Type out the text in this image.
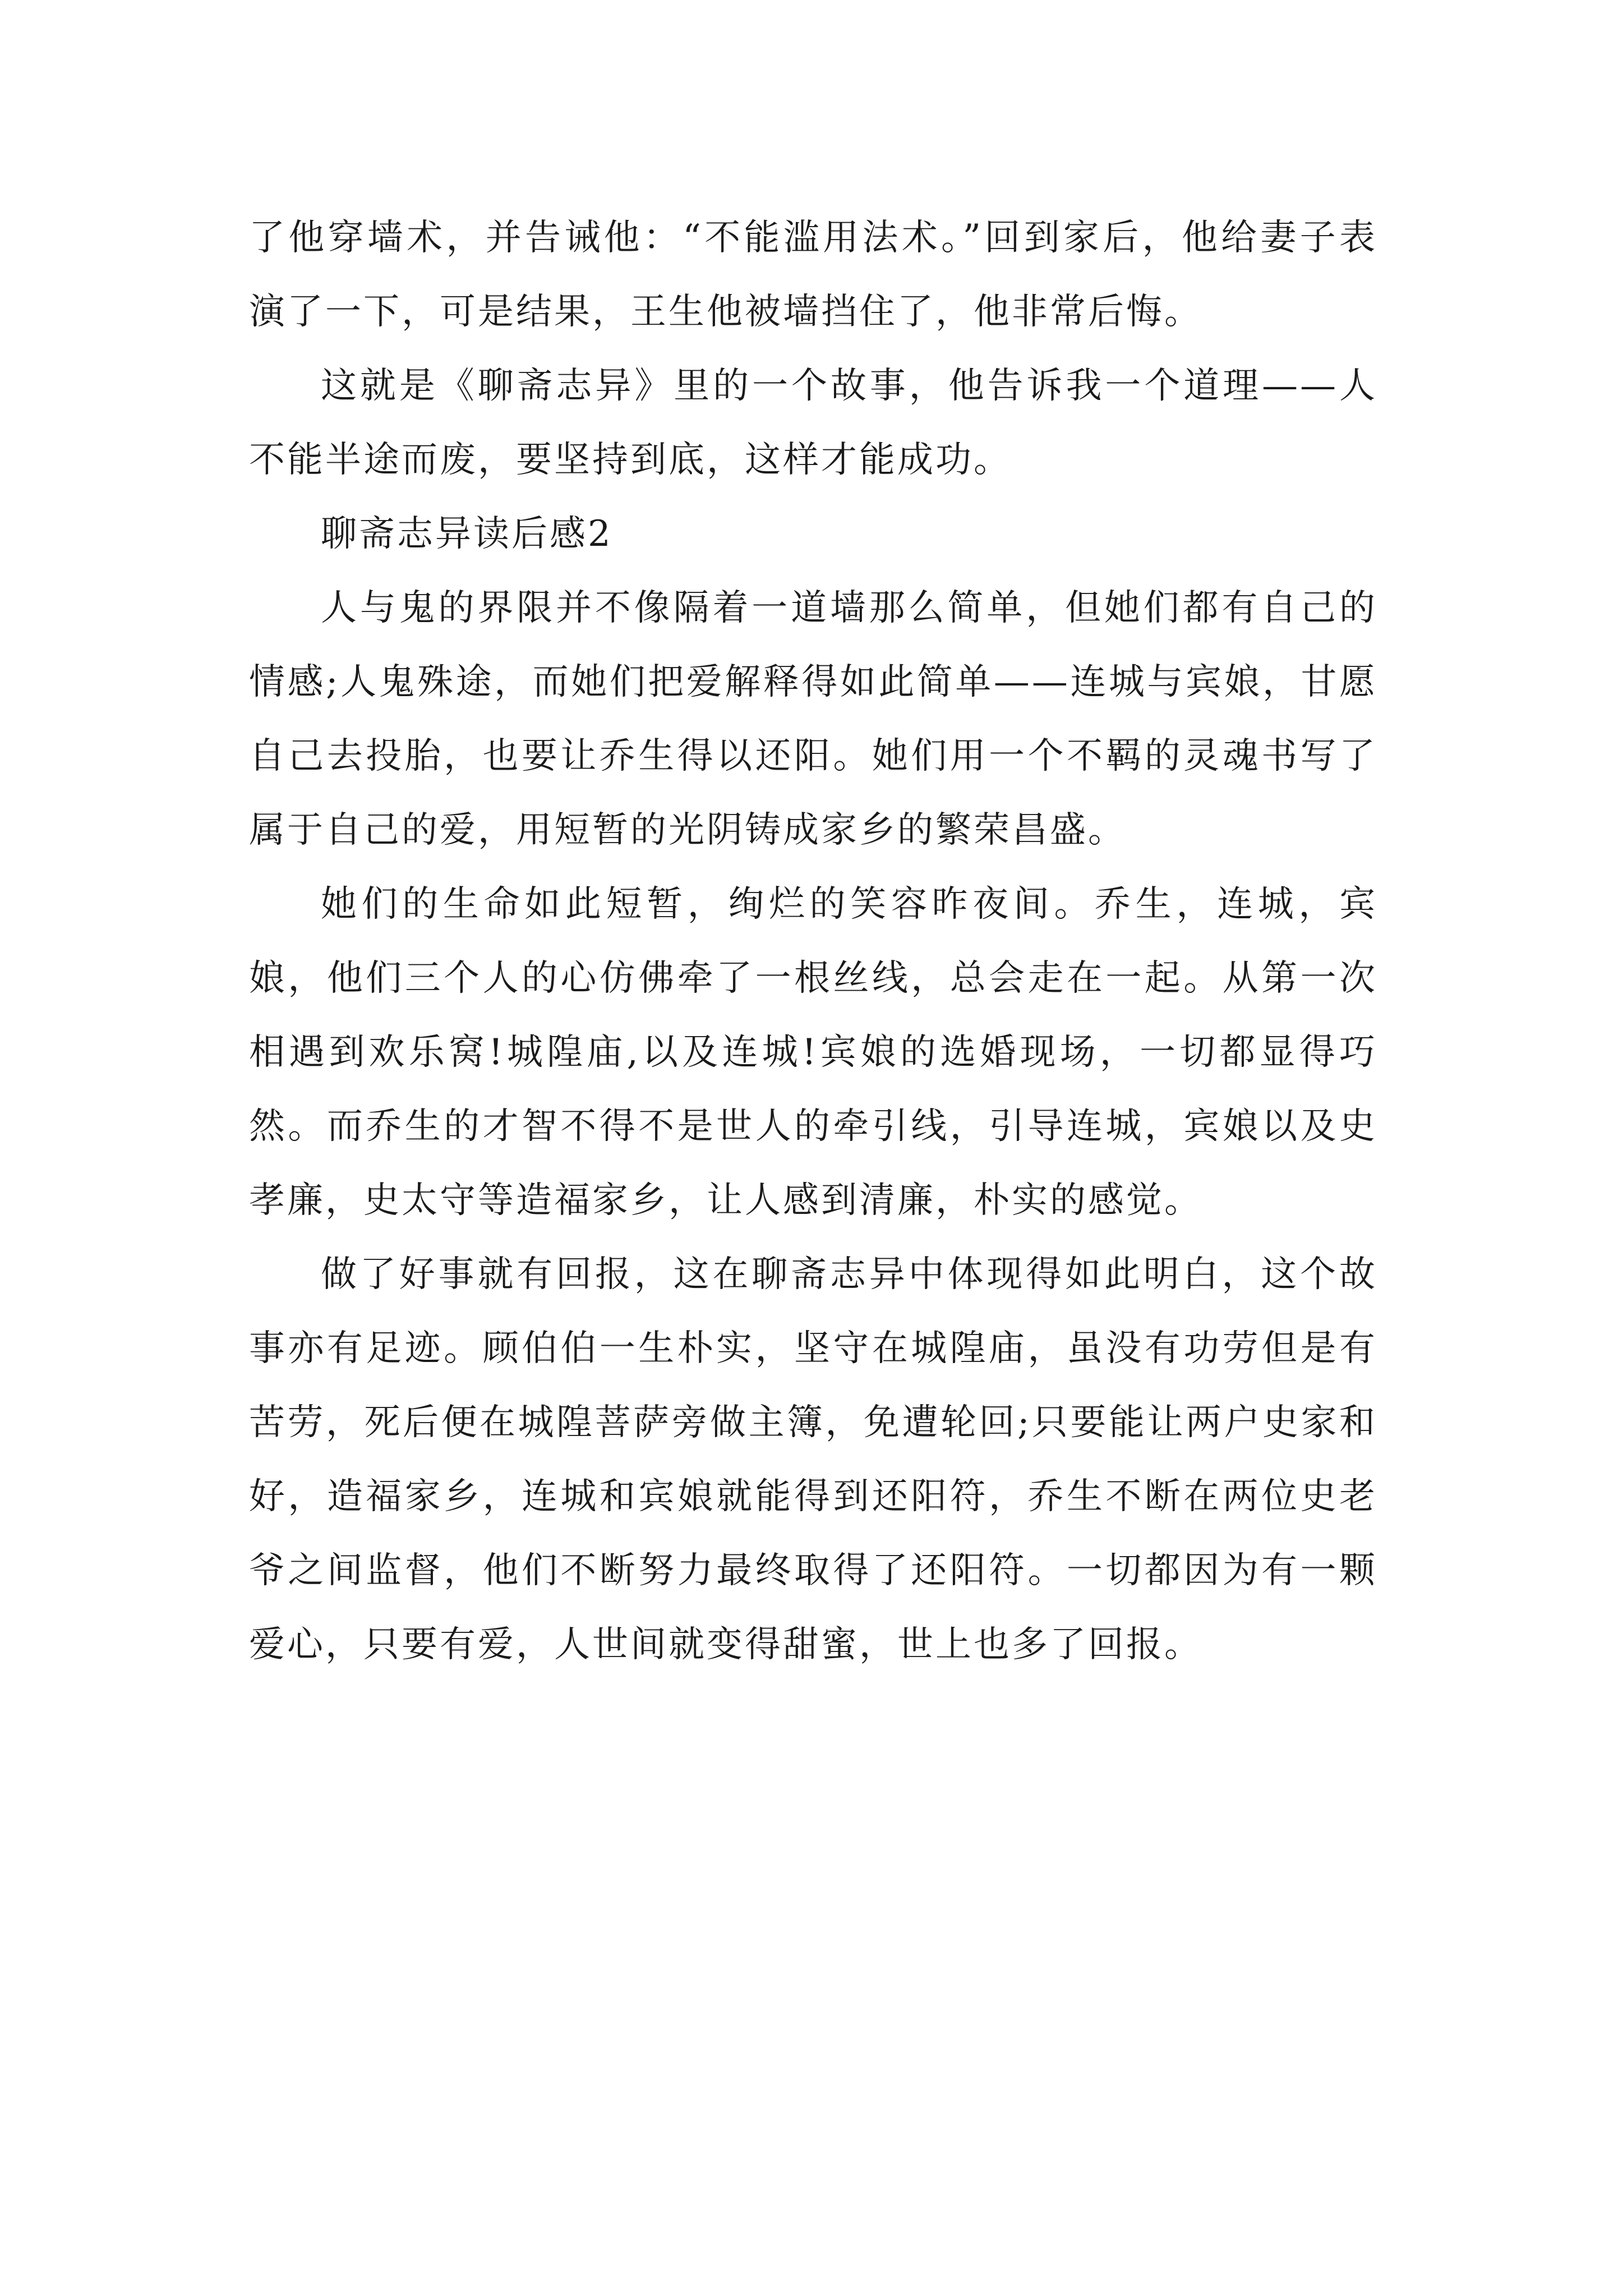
了他穿墙术，并告诫他：“不能滥用法术。”回到家后，他给妻子表演了一下，可是结果，王生他被墙挡住了，他非常后悔。

这就是《聊斋志异》里的一个故事，他告诉我一个道理——人不能半途而废，要坚持到底，这样才能成功。

聊斋志异读后感2

人与鬼的界限并不像隔着一道墙那么简单，但她们都有自己的情感;人鬼殊途，而她们把爱解释得如此简单——连城与宾娘，甘愿自己去投胎，也要让乔生得以还阳。她们用一个不羁的灵魂书写了属于自己的爱，用短暂的光阴铸成家乡的繁荣昌盛。

她们的生命如此短暂，绚烂的笑容昨夜间。乔生，连城，宾娘，他们三个人的心仿佛牵了一根丝线，总会走在一起。从第一次相遇到欢乐窝!城隍庙,以及连城!宾娘的选婚现场，一切都显得巧然。而乔生的才智不得不是世人的牵引线，引导连城，宾娘以及史孝廉，史太守等造福家乡，让人感到清廉，朴实的感觉。

做了好事就有回报，这在聊斋志异中体现得如此明白，这个故事亦有足迹。顾伯伯一生朴实，坚守在城隍庙，虽没有功劳但是有苦劳，死后便在城隍菩萨旁做主簿，免遭轮回;只要能让两户史家和好，造福家乡，连城和宾娘就能得到还阳符，乔生不断在两位史老爷之间监督，他们不断努力最终取得了还阳符。一切都因为有一颗爱心，只要有爱，人世间就变得甜蜜，世上也多了回报。
